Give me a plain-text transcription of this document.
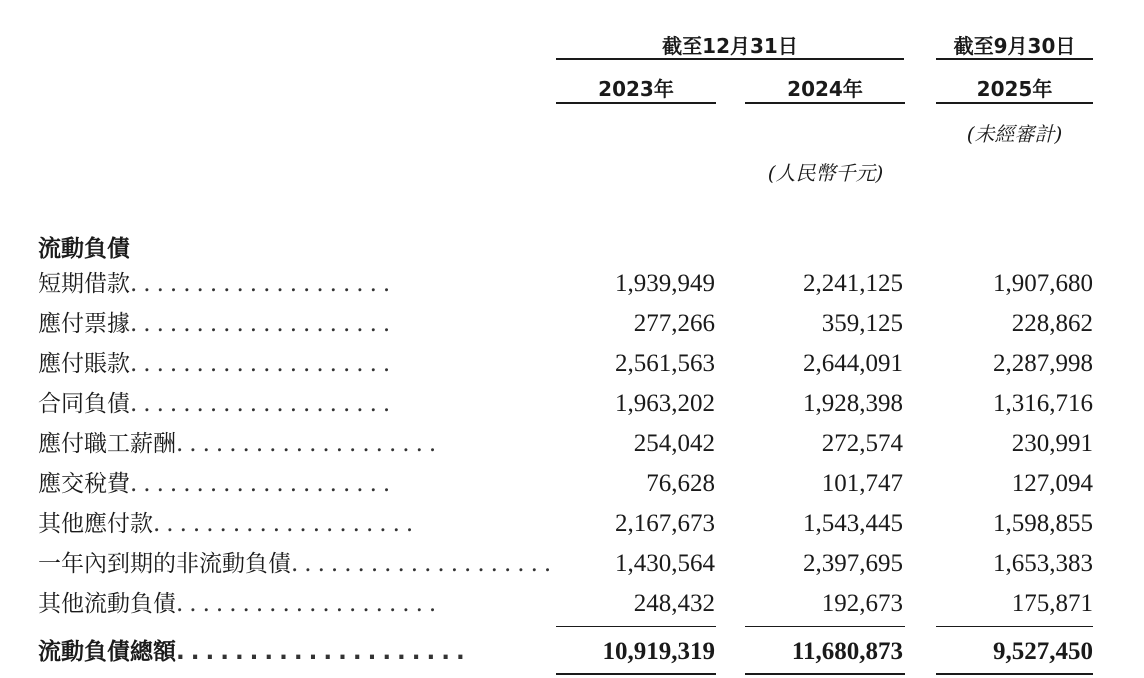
截至12月31日	截至9月30日
2023年	2024年	2025年
(未經審計)
(人民幣千元)
流動負債
短期借款....................	1,939,949	2,241,125	1,907,680
應付票據....................	277,266	359,125	228,862
應付賬款....................	2,561,563	2,644,091	2,287,998
合同負債....................	1,963,202	1,928,398	1,316,716
應付職工薪酬....................	254,042	272,574	230,991
應交稅費....................	76,628	101,747	127,094
其他應付款....................	2,167,673	1,543,445	1,598,855
一年內到期的非流動負債....................	1,430,564	2,397,695	1,653,383
其他流動負債....................	248,432	192,673	175,871
流動負債總額....................	10,919,319	11,680,873	9,527,450
